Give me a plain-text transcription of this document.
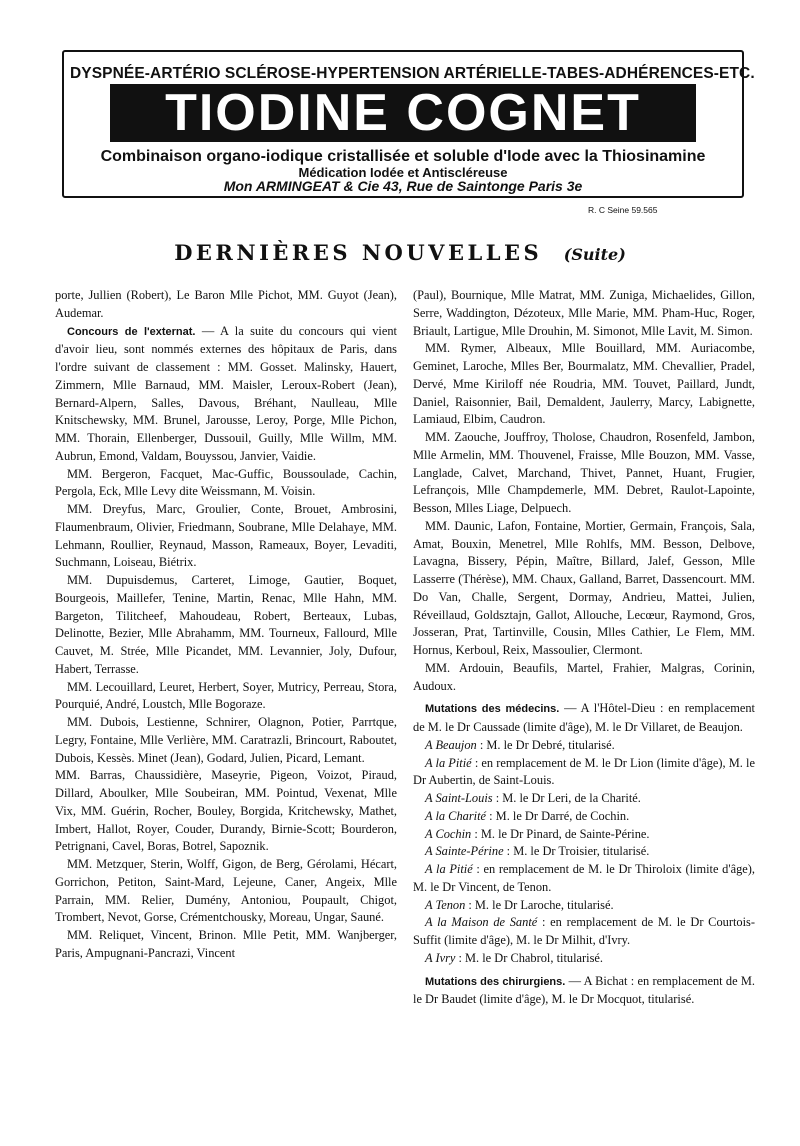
DYSPNÉE-ARTÉRIO SCLÉROSE-HYPERTENSION ARTÉRIELLE-TABES-ADHÉRENCES-ETC.
TIODINE COGNET
Combinaison organo-iodique cristallisée et soluble d'Iode avec la Thiosinamine
Médication Iodée et Antiscléreuse
Mon ARMINGEAT & Cie 43, Rue de Saintonge Paris 3e
R. C Seine 59.565
DERNIÈRES NOUVELLES (Suite)

porte, Jullien (Robert), Le Baron Mlle Pichot, MM. Guyot (Jean), Audemar.

Concours de l'externat. — A la suite du concours qui vient d'avoir lieu, sont nommés externes des hôpitaux de Paris, dans l'ordre suivant de classement : MM. Gosset. Malinsky, Hauert, Zimmern, Mlle Barnaud, MM. Maisler, Leroux-Robert (Jean), Bernard-Alpern, Salles, Davous, Bréhant, Naulleau, Mlle Knitschewsky, MM. Brunel, Jarousse, Leroy, Porge, Mlle Pichon, MM. Thorain, Ellenberger, Dussouil, Guilly, Mlle Willm, MM. Aubrun, Emond, Valdam, Bouyssou, Janvier, Vaidie.

MM. Bergeron, Facquet, Mac-Guffic, Boussoulade, Cachin, Pergola, Eck, Mlle Levy dite Weissmann, M. Voisin.

MM. Dreyfus, Marc, Groulier, Conte, Brouet, Ambrosini, Flaumenbraum, Olivier, Friedmann, Soubrane, Mlle Delahaye, MM. Lehmann, Roullier, Reynaud, Masson, Rameaux, Boyer, Levaditi, Suchmann, Loiseau, Biétrix.

MM. Dupuisdemus, Carteret, Limoge, Gautier, Boquet, Bourgeois, Maillefer, Tenine, Martin, Renac, Mlle Hahn, MM. Bargeton, Tilitcheef, Mahoudeau, Robert, Berteaux, Lubas, Delinotte, Bezier, Mlle Abrahamm, MM. Tourneux, Fallourd, Mlle Cauvet, M. Strée, Mlle Picandet, MM. Levannier, Joly, Dufour, Habert, Terrasse.

MM. Lecouillard, Leuret, Herbert, Soyer, Mutricy, Perreau, Stora, Pourquié, André, Loustch, Mlle Bogoraze.

MM. Dubois, Lestienne, Schnirer, Olagnon, Potier, Parrtque, Legry, Fontaine, Mlle Verlière, MM. Caratrazli, Brincourt, Raboutet, Dubois, Kessès. Minet (Jean), Godard, Julien, Picard, Lemant.

MM. Barras, Chaussidière, Maseyrie, Pigeon, Voizot, Piraud, Dillard, Aboulker, Mlle Soubeiran, MM. Pointud, Vexenat, Mlle Vix, MM. Guérin, Rocher, Bouley, Borgida, Kritchewsky, Mathet, Imbert, Hallot, Royer, Couder, Durandy, Birnie-Scott; Bourderon, Petrignani, Cavel, Boras, Botrel, Sapoznik.

MM. Metzquer, Sterin, Wolff, Gigon, de Berg, Gérolami, Hécart, Gorrichon, Petiton, Saint-Mard, Lejeune, Caner, Angeix, Mlle Parrain, MM. Relier, Dumény, Antoniou, Poupault, Chigot, Trombert, Nevot, Gorse, Crémentchousky, Moreau, Ungar, Sauné.

MM. Reliquet, Vincent, Brinon. Mlle Petit, MM. Wanjberger, Paris, Ampugnani-Pancrazi, Vincent

(Paul), Bournique, Mlle Matrat, MM. Zuniga, Michaelides, Gillon, Serre, Waddington, Dézoteux, Mlle Marie, MM. Pham-Huc, Roger, Briault, Lartigue, Mlle Drouhin, M. Simonot, Mlle Lavit, M. Simon.

MM. Rymer, Albeaux, Mlle Bouillard, MM. Auriacombe, Geminet, Laroche, Mlles Ber, Bourmalatz, MM. Chevallier, Pradel, Dervé, Mme Kiriloff née Roudria, MM. Touvet, Paillard, Jundt, Daniel, Raisonnier, Bail, Demaldent, Jaulerry, Marcy, Labignette, Lamiaud, Elbim, Caudron.

MM. Zaouche, Jouffroy, Tholose, Chaudron, Rosenfeld, Jambon, Mlle Armelin, MM. Thouvenel, Fraisse, Mlle Bouzon, MM. Vasse, Langlade, Calvet, Marchand, Thivet, Pannet, Huant, Frugier, Lefrançois, Mlle Champdemerle, MM. Debret, Raulot-Lapointe, Besson, Mlles Liage, Delpuech.

MM. Daunic, Lafon, Fontaine, Mortier, Germain, François, Sala, Amat, Bouxin, Menetrel, Mlle Rohlfs, MM. Besson, Delbove, Lavagna, Bissery, Pépin, Maître, Billard, Jalef, Gesson, Mlle Lasserre (Thérèse), MM. Chaux, Galland, Barret, Dassencourt. MM. Do Van, Challe, Sergent, Dormay, Andrieu, Mattei, Julien, Réveillaud, Goldsztajn, Gallot, Allouche, Lecœur, Raymond, Gros, Josseran, Prat, Tartinville, Cousin, Mlles Cathier, Le Flem, MM. Hornus, Kerboul, Reix, Massoulier, Clermont.

MM. Ardouin, Beaufils, Martel, Frahier, Malgras, Corinin, Audoux.

Mutations des médecins. — A l'Hôtel-Dieu : en remplacement de M. le Dr Caussade (limite d'âge), M. le Dr Villaret, de Beaujon.

A Beaujon : M. le Dr Debré, titularisé.

A la Pitié : en remplacement de M. le Dr Lion (limite d'âge), M. le Dr Aubertin, de Saint-Louis.

A Saint-Louis : M. le Dr Leri, de la Charité.

A la Charité : M. le Dr Darré, de Cochin.

A Cochin : M. le Dr Pinard, de Sainte-Périne.

A Sainte-Périne : M. le Dr Troisier, titularisé.

A la Pitié : en remplacement de M. le Dr Thiroloix (limite d'âge), M. le Dr Vincent, de Tenon.

A Tenon : M. le Dr Laroche, titularisé.

A la Maison de Santé : en remplacement de M. le Dr Courtois-Suffit (limite d'âge), M. le Dr Milhit, d'Ivry.

A Ivry : M. le Dr Chabrol, titularisé.

Mutations des chirurgiens. — A Bichat : en remplacement de M. le Dr Baudet (limite d'âge), M. le Dr Mocquot, titularisé.
